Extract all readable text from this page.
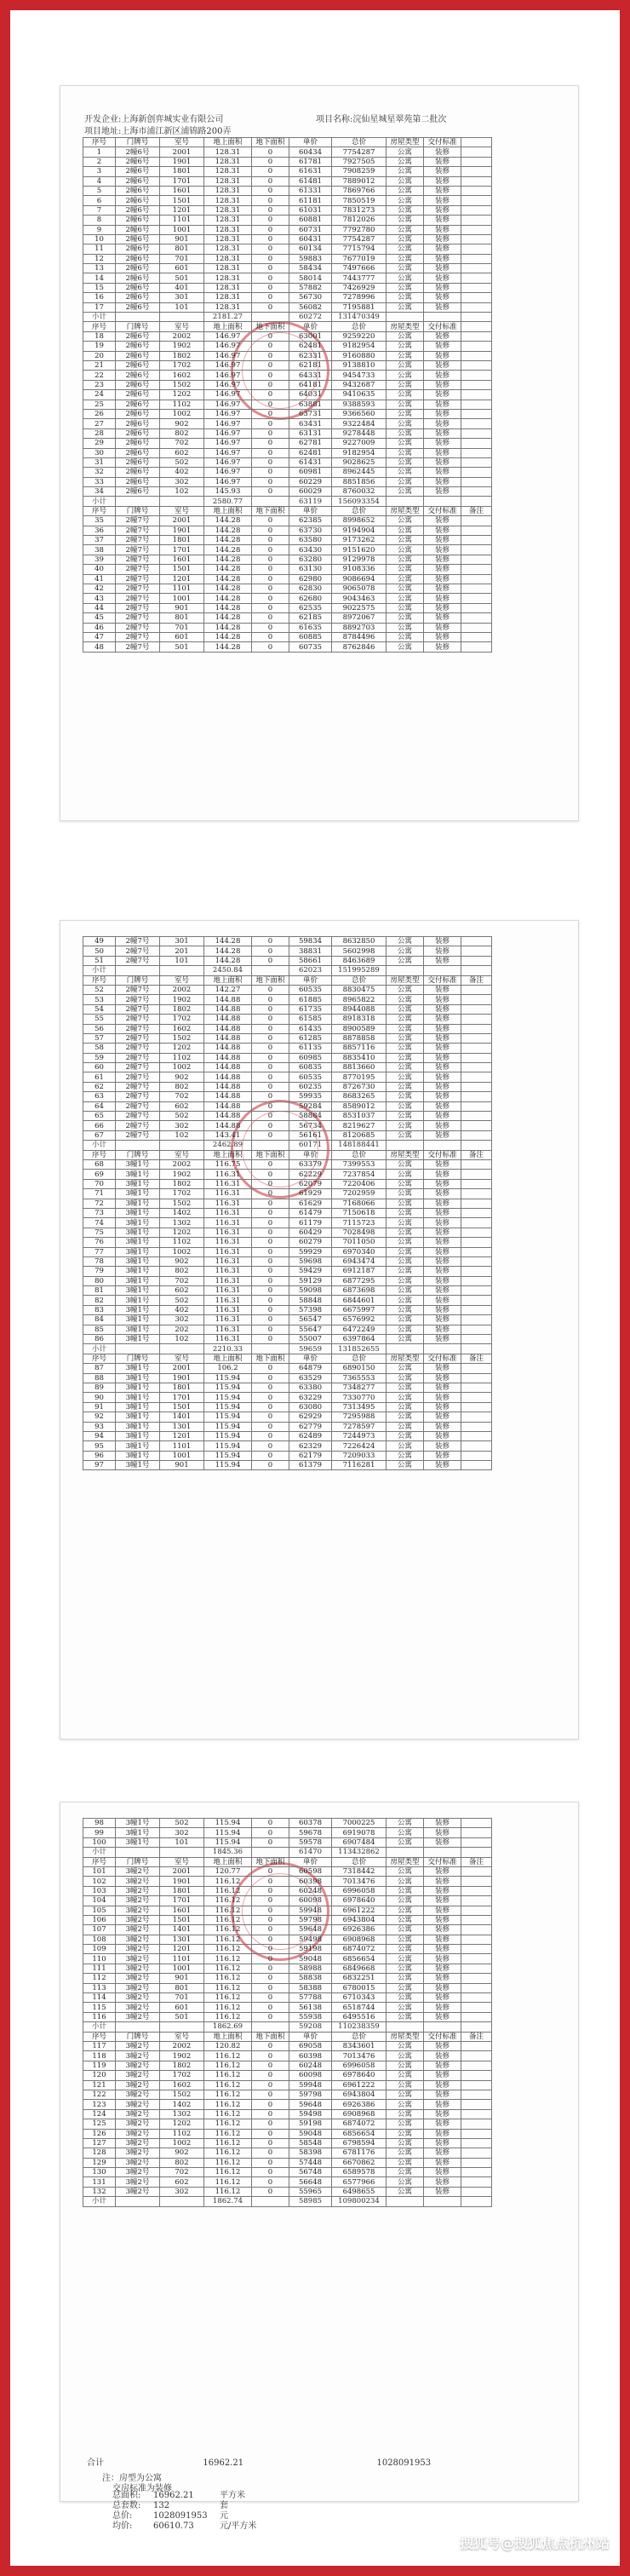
开发企业:上海新创弈城实业有限公司	项目名称:浣仙星城星翠苑第二批次
项目地址:上海市浦江新区浦锦路200弄
序号	门牌号	室号	地上面积	地下面积	单价	总价	房屋类型	交付标准	
1	2幢6号	2001	128.31	0	60434	7754287	公寓	装修	
2	2幢6号	1901	128.31	0	61781	7927505	公寓	装修	
3	2幢6号	1801	128.31	0	61631	7908259	公寓	装修	
4	2幢6号	1701	128.31	0	61481	7889012	公寓	装修	
5	2幢6号	1601	128.31	0	61331	7869766	公寓	装修	
6	2幢6号	1501	128.31	0	61181	7850519	公寓	装修	
7	2幢6号	1201	128.31	0	61031	7831273	公寓	装修	
8	2幢6号	1101	128.31	0	60881	7812026	公寓	装修	
9	2幢6号	1001	128.31	0	60731	7792780	公寓	装修	
10	2幢6号	901	128.31	0	60431	7754287	公寓	装修	
11	2幢6号	801	128.31	0	60134	7715794	公寓	装修	
12	2幢6号	701	128.31	0	59883	7677019	公寓	装修	
13	2幢6号	601	128.31	0	58434	7497666	公寓	装修	
14	2幢6号	501	128.31	0	58014	7443777	公寓	装修	
15	2幢6号	401	128.31	0	57882	7426929	公寓	装修	
16	2幢6号	301	128.31	0	56730	7278996	公寓	装修	
17	2幢6号	101	128.31	0	56082	7195881	公寓	装修	
小计			2181.27		60272	131470349			
序号	门牌号	室号	地上面积	地下面积	单价	总价	房屋类型	交付标准	
18	2幢6号	2002	146.97	0	63001	9259220	公寓	装修	
19	2幢6号	1902	146.97	0	62481	9182954	公寓	装修	
20	2幢6号	1802	146.97	0	62331	9160880	公寓	装修	
21	2幢6号	1702	146.97	0	62181	9138810	公寓	装修	
22	2幢6号	1602	146.97	0	64331	9454733	公寓	装修	
23	2幢6号	1502	146.97	0	64181	9432687	公寓	装修	
24	2幢6号	1202	146.97	0	64031	9410635	公寓	装修	
25	2幢6号	1102	146.97	0	63881	9388593	公寓	装修	
26	2幢6号	1002	146.97	0	63731	9366560	公寓	装修	
27	2幢6号	902	146.97	0	63431	9322484	公寓	装修	
28	2幢6号	802	146.97	0	63131	9278448	公寓	装修	
29	2幢6号	702	146.97	0	62781	9227009	公寓	装修	
30	2幢6号	602	146.97	0	62481	9182954	公寓	装修	
31	2幢6号	502	146.97	0	61431	9028625	公寓	装修	
32	2幢6号	402	146.97	0	60981	8962445	公寓	装修	
33	2幢6号	302	146.97	0	60229	8851856	公寓	装修	
34	2幢6号	102	145.93	0	60029	8760032	公寓	装修	
小计			2580.77		63119	156093354			
序号	门牌号	室号	地上面积	地下面积	单价	总价	房屋类型	交付标准	备注
35	2幢7号	2001	144.28	0	62385	8998652	公寓	装修	
36	2幢7号	1901	144.28	0	63730	9194904	公寓	装修	
37	2幢7号	1801	144.28	0	63580	9173262	公寓	装修	
38	2幢7号	1701	144.28	0	63430	9151620	公寓	装修	
39	2幢7号	1601	144.28	0	63280	9129978	公寓	装修	
40	2幢7号	1501	144.28	0	63130	9108336	公寓	装修	
41	2幢7号	1201	144.28	0	62980	9086694	公寓	装修	
42	2幢7号	1101	144.28	0	62830	9065078	公寓	装修	
43	2幢7号	1001	144.28	0	62680	9043463	公寓	装修	
44	2幢7号	901	144.28	0	62535	9022575	公寓	装修	
45	2幢7号	801	144.28	0	62185	8972067	公寓	装修	
46	2幢7号	701	144.28	0	61635	8892703	公寓	装修	
47	2幢7号	601	144.28	0	60885	8784496	公寓	装修	
48	2幢7号	501	144.28	0	60735	8762846	公寓	装修	
49	2幢7号	301	144.28	0	59834	8632850	公寓	装修	
50	2幢7号	201	144.28	0	38831	5602998	公寓	装修	
51	2幢7号	101	144.28	0	58661	8463689	公寓	装修	
小计			2450.84		62023	151995289			
序号	门牌号	室号	地上面积	地下面积	单价	总价	房屋类型	交付标准	备注
52	2幢7号	2002	142.27	0	60535	8830475	公寓	装修	
53	2幢7号	1902	144.88	0	61885	8965822	公寓	装修	
54	2幢7号	1802	144.88	0	61735	8944088	公寓	装修	
55	2幢7号	1702	144.88	0	61585	8918318	公寓	装修	
56	2幢7号	1602	144.88	0	61435	8900589	公寓	装修	
57	2幢7号	1502	144.88	0	61285	8878858	公寓	装修	
58	2幢7号	1202	144.88	0	61135	8857116	公寓	装修	
59	2幢7号	1102	144.88	0	60985	8835410	公寓	装修	
60	2幢7号	1002	144.88	0	60835	8813660	公寓	装修	
61	2幢7号	902	144.88	0	60535	8770195	公寓	装修	
62	2幢7号	802	144.88	0	60235	8726730	公寓	装修	
63	2幢7号	702	144.88	0	59935	8683265	公寓	装修	
64	2幢7号	602	144.88	0	59284	8589012	公寓	装修	
65	2幢7号	502	144.88	0	58884	8531037	公寓	装修	
66	2幢7号	302	144.88	0	56734	8219627	公寓	装修	
67	2幢7号	102	143.41	0	56161	8120685	公寓	装修	
小计			2462.89		60171	148188441			
序号	门牌号	室号	地上面积	地下面积	单价	总价	房屋类型	交付标准	备注
68	3幢1号	2002	116.75	0	63379	7399553	公寓	装修	
69	3幢1号	1902	116.31	0	62229	7237854	公寓	装修	
70	3幢1号	1802	116.31	0	62079	7220406	公寓	装修	
71	3幢1号	1702	116.31	0	61929	7202959	公寓	装修	
72	3幢1号	1502	116.31	0	61629	7168066	公寓	装修	
73	3幢1号	1402	116.31	0	61479	7150618	公寓	装修	
74	3幢1号	1302	116.31	0	61179	7115723	公寓	装修	
75	3幢1号	1202	116.31	0	60429	7028498	公寓	装修	
76	3幢1号	1102	116.31	0	60279	7011050	公寓	装修	
77	3幢1号	1002	116.31	0	59929	6970340	公寓	装修	
78	3幢1号	902	116.31	0	59698	6943474	公寓	装修	
79	3幢1号	802	116.31	0	59429	6912187	公寓	装修	
80	3幢1号	702	116.31	0	59129	6877295	公寓	装修	
81	3幢1号	602	116.31	0	59098	6873698	公寓	装修	
82	3幢1号	502	116.31	0	58848	6844601	公寓	装修	
83	3幢1号	402	116.31	0	57398	6675997	公寓	装修	
84	3幢1号	302	116.31	0	56547	6576992	公寓	装修	
85	3幢1号	202	116.31	0	55647	6472249	公寓	装修	
86	3幢1号	102	116.31	0	55007	6397864	公寓	装修	
小计			2210.33		59659	131852655			
序号	门牌号	室号	地上面积	地下面积	单价	总价	房屋类型	交付标准	备注
87	3幢1号	2001	106.2	0	64879	6890150	公寓	装修	
88	3幢1号	1901	115.94	0	63529	7365553	公寓	装修	
89	3幢1号	1801	115.94	0	63380	7348277	公寓	装修	
90	3幢1号	1701	115.94	0	63229	7330770	公寓	装修	
91	3幢1号	1501	115.94	0	63080	7313495	公寓	装修	
92	3幢1号	1401	115.94	0	62929	7295988	公寓	装修	
93	3幢1号	1301	115.94	0	62779	7278597	公寓	装修	
94	3幢1号	1201	115.94	0	62489	7244973	公寓	装修	
95	3幢1号	1101	115.94	0	62329	7226424	公寓	装修	
96	3幢1号	1001	115.94	0	62179	7209033	公寓	装修	
97	3幢1号	901	115.94	0	61379	7116281	公寓	装修	
98	3幢1号	502	115.94	0	60378	7000225	公寓	装修	
99	3幢1号	302	115.94	0	59678	6919078	公寓	装修	
100	3幢1号	101	115.94	0	59578	6907484	公寓	装修	
小计			1845.36		61470	113432862			
序号	门牌号	室号	地上面积	地下面积	单价	总价	房屋类型	交付标准	备注
101	3幢2号	2001	120.77	0	60598	7318442	公寓	装修	
102	3幢2号	1901	116.12	0	60398	7013476	公寓	装修	
103	3幢2号	1801	116.12	0	60248	6996058	公寓	装修	
104	3幢2号	1701	116.12	0	60098	6978640	公寓	装修	
105	3幢2号	1601	116.12	0	59948	6961222	公寓	装修	
106	3幢2号	1501	116.12	0	59798	6943804	公寓	装修	
107	3幢2号	1401	116.12	0	59648	6926386	公寓	装修	
108	3幢2号	1301	116.12	0	59498	6908968	公寓	装修	
109	3幢2号	1201	116.12	0	59198	6874072	公寓	装修	
110	3幢2号	1101	116.12	0	59048	6856654	公寓	装修	
111	3幢2号	1001	116.12	0	58988	6849668	公寓	装修	
112	3幢2号	901	116.12	0	58838	6832251	公寓	装修	
113	3幢2号	801	116.12	0	58388	6780015	公寓	装修	
114	3幢2号	701	116.12	0	57788	6710343	公寓	装修	
115	3幢2号	601	116.12	0	56138	6518744	公寓	装修	
116	3幢2号	501	116.12	0	55938	6495516	公寓	装修	
小计			1862.69		59208	110238359			
序号	门牌号	室号	地上面积	地下面积	单价	总价	房屋类型	交付标准	备注
117	3幢2号	2002	120.82	0	69058	8343601	公寓	装修	
118	3幢2号	1902	116.12	0	60398	7013476	公寓	装修	
119	3幢2号	1802	116.12	0	60248	6996058	公寓	装修	
120	3幢2号	1702	116.12	0	60098	6978640	公寓	装修	
121	3幢2号	1602	116.12	0	59948	6961222	公寓	装修	
122	3幢2号	1502	116.12	0	59798	6943804	公寓	装修	
123	3幢2号	1402	116.12	0	59648	6926386	公寓	装修	
124	3幢2号	1302	116.12	0	59498	6908968	公寓	装修	
125	3幢2号	1202	116.12	0	59198	6874072	公寓	装修	
126	3幢2号	1102	116.12	0	59048	6856654	公寓	装修	
127	3幢2号	1002	116.12	0	58548	6798594	公寓	装修	
128	3幢2号	902	116.12	0	58398	6781176	公寓	装修	
129	3幢2号	802	116.12	0	57448	6670862	公寓	装修	
130	3幢2号	702	116.12	0	56748	6589578	公寓	装修	
131	3幢2号	602	116.12	0	56648	6577966	公寓	装修	
132	3幢2号	302	116.12	0	55965	6498655	公寓	装修	
小计			1862.74		58985	109800234			
合计	16962.21	1028091953
注：房型为公寓
交房标准为装修
总面积: 16962.21	平方米
总套数: 132	套
总价: 1028091953 元
均价: 60610.73	元/平方米
搜狐号@搜狐焦点杭州站
